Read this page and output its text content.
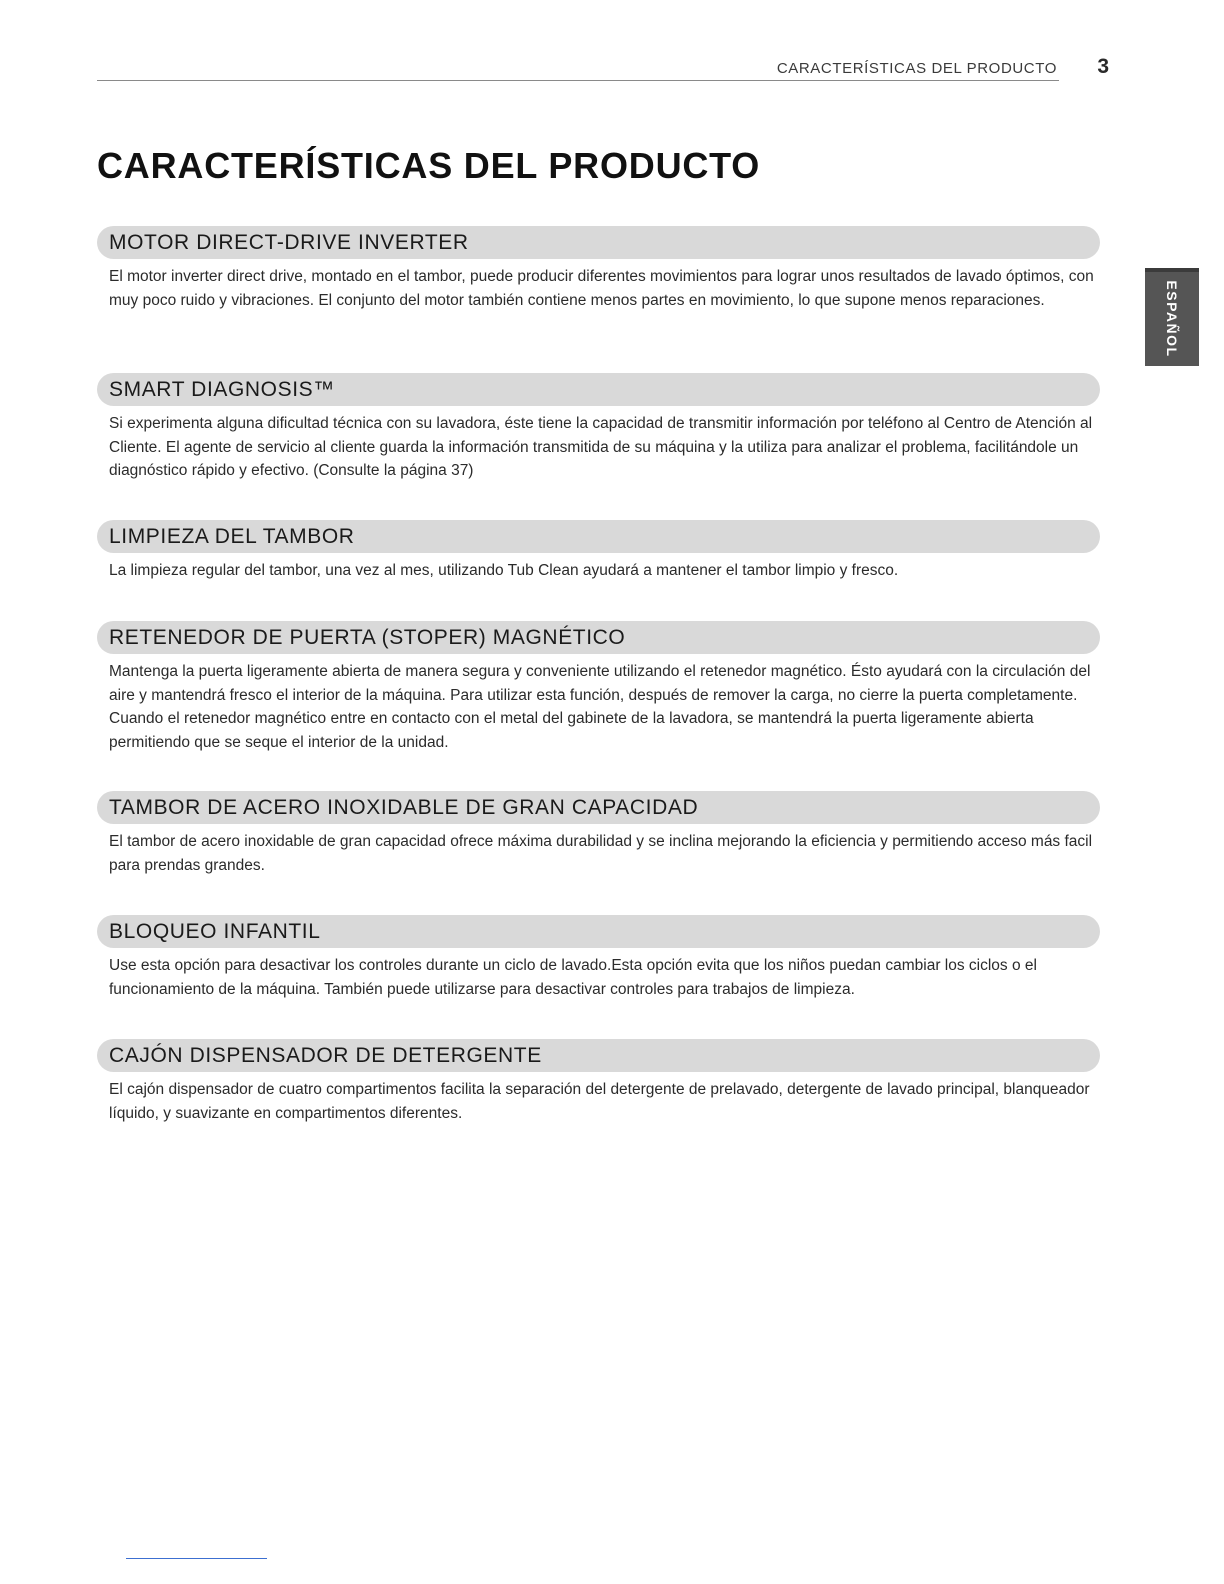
CARACTERÍSTICAS DEL PRODUCTO 3
CARACTERÍSTICAS DEL PRODUCTO
ESPAÑOL
MOTOR DIRECT-DRIVE INVERTER

El motor inverter direct drive, montado en el tambor, puede producir diferentes movimientos para lograr unos resultados de lavado óptimos, con muy poco ruido y vibraciones. El conjunto del motor también contiene menos partes en movimiento, lo que supone menos reparaciones.

SMART DIAGNOSIS™

Si experimenta alguna dificultad técnica con su lavadora, éste tiene la capacidad de transmitir información por teléfono al Centro de Atención al Cliente. El agente de servicio al cliente guarda la información transmitida de su máquina y la utiliza para analizar el problema, facilitándole un diagnóstico rápido y efectivo. (Consulte la página 37)

LIMPIEZA DEL TAMBOR

La limpieza regular del tambor, una vez al mes, utilizando Tub Clean ayudará a mantener el tambor limpio y fresco.

RETENEDOR DE PUERTA (STOPER) MAGNÉTICO

Mantenga la puerta ligeramente abierta de manera segura y conveniente utilizando el retenedor magnético. Ésto ayudará con la circulación del aire y mantendrá fresco el interior de la máquina. Para utilizar esta función, después de remover la carga, no cierre la puerta completamente. Cuando el retenedor magnético entre en contacto con el metal del gabinete de la lavadora, se mantendrá la puerta ligeramente abierta permitiendo que se seque el interior de la unidad.

TAMBOR DE ACERO INOXIDABLE DE GRAN CAPACIDAD

El tambor de acero inoxidable de gran capacidad ofrece máxima durabilidad y se inclina mejorando la eficiencia y permitiendo acceso más facil para prendas grandes.

BLOQUEO INFANTIL

Use esta opción para desactivar los controles durante un ciclo de lavado.Esta opción evita que los niños puedan cambiar los ciclos o el funcionamiento de la máquina. También puede utilizarse para desactivar controles para trabajos de limpieza.

CAJÓN DISPENSADOR DE DETERGENTE

El cajón dispensador de cuatro compartimentos facilita la separación del detergente de prelavado, detergente de lavado principal, blanqueador líquido, y suavizante en compartimentos diferentes.
